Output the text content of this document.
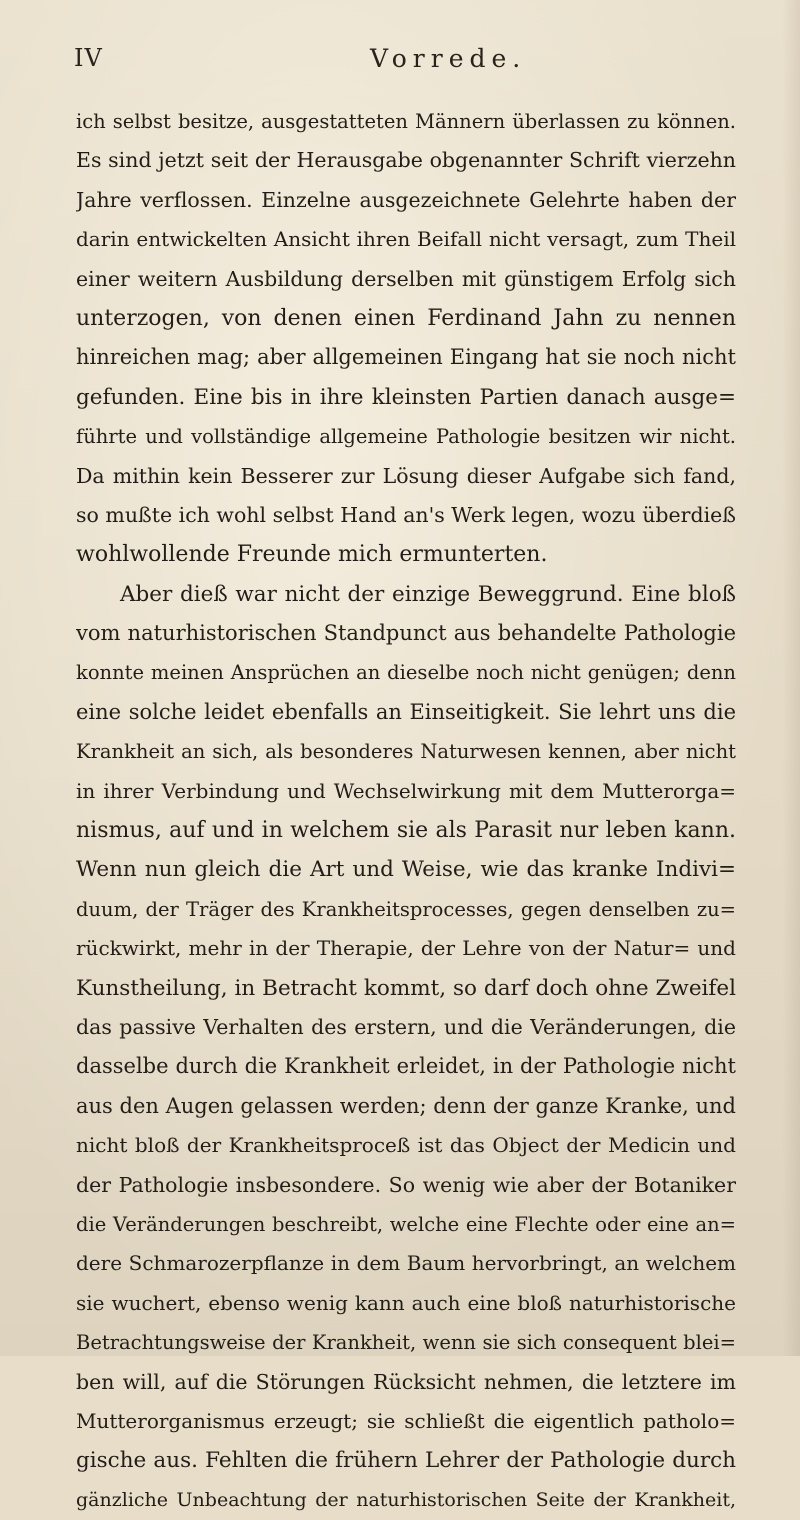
IV	Vorrede.
ich selbst besitze, ausgestatteten Männern überlassen zu können.
Es sind jetzt seit der Herausgabe obgenannter Schrift vierzehn
Jahre verflossen. Einzelne ausgezeichnete Gelehrte haben der
darin entwickelten Ansicht ihren Beifall nicht versagt, zum Theil
einer weitern Ausbildung derselben mit günstigem Erfolg sich
unterzogen, von denen einen Ferdinand Jahn zu nennen
hinreichen mag; aber allgemeinen Eingang hat sie noch nicht
gefunden. Eine bis in ihre kleinsten Partien danach ausge=
führte und vollständige allgemeine Pathologie besitzen wir nicht.
Da mithin kein Besserer zur Lösung dieser Aufgabe sich fand,
so mußte ich wohl selbst Hand an's Werk legen, wozu überdieß
wohlwollende Freunde mich ermunterten.
Aber dieß war nicht der einzige Beweggrund. Eine bloß
vom naturhistorischen Standpunct aus behandelte Pathologie
konnte meinen Ansprüchen an dieselbe noch nicht genügen; denn
eine solche leidet ebenfalls an Einseitigkeit. Sie lehrt uns die
Krankheit an sich, als besonderes Naturwesen kennen, aber nicht
in ihrer Verbindung und Wechselwirkung mit dem Mutterorga=
nismus, auf und in welchem sie als Parasit nur leben kann.
Wenn nun gleich die Art und Weise, wie das kranke Indivi=
duum, der Träger des Krankheitsprocesses, gegen denselben zu=
rückwirkt, mehr in der Therapie, der Lehre von der Natur= und
Kunstheilung, in Betracht kommt, so darf doch ohne Zweifel
das passive Verhalten des erstern, und die Veränderungen, die
dasselbe durch die Krankheit erleidet, in der Pathologie nicht
aus den Augen gelassen werden; denn der ganze Kranke, und
nicht bloß der Krankheitsproceß ist das Object der Medicin und
der Pathologie insbesondere. So wenig wie aber der Botaniker
die Veränderungen beschreibt, welche eine Flechte oder eine an=
dere Schmarozerpflanze in dem Baum hervorbringt, an welchem
sie wuchert, ebenso wenig kann auch eine bloß naturhistorische
Betrachtungsweise der Krankheit, wenn sie sich consequent blei=
ben will, auf die Störungen Rücksicht nehmen, die letztere im
Mutterorganismus erzeugt; sie schließt die eigentlich patholo=
gische aus. Fehlten die frühern Lehrer der Pathologie durch
gänzliche Unbeachtung der naturhistorischen Seite der Krankheit,
